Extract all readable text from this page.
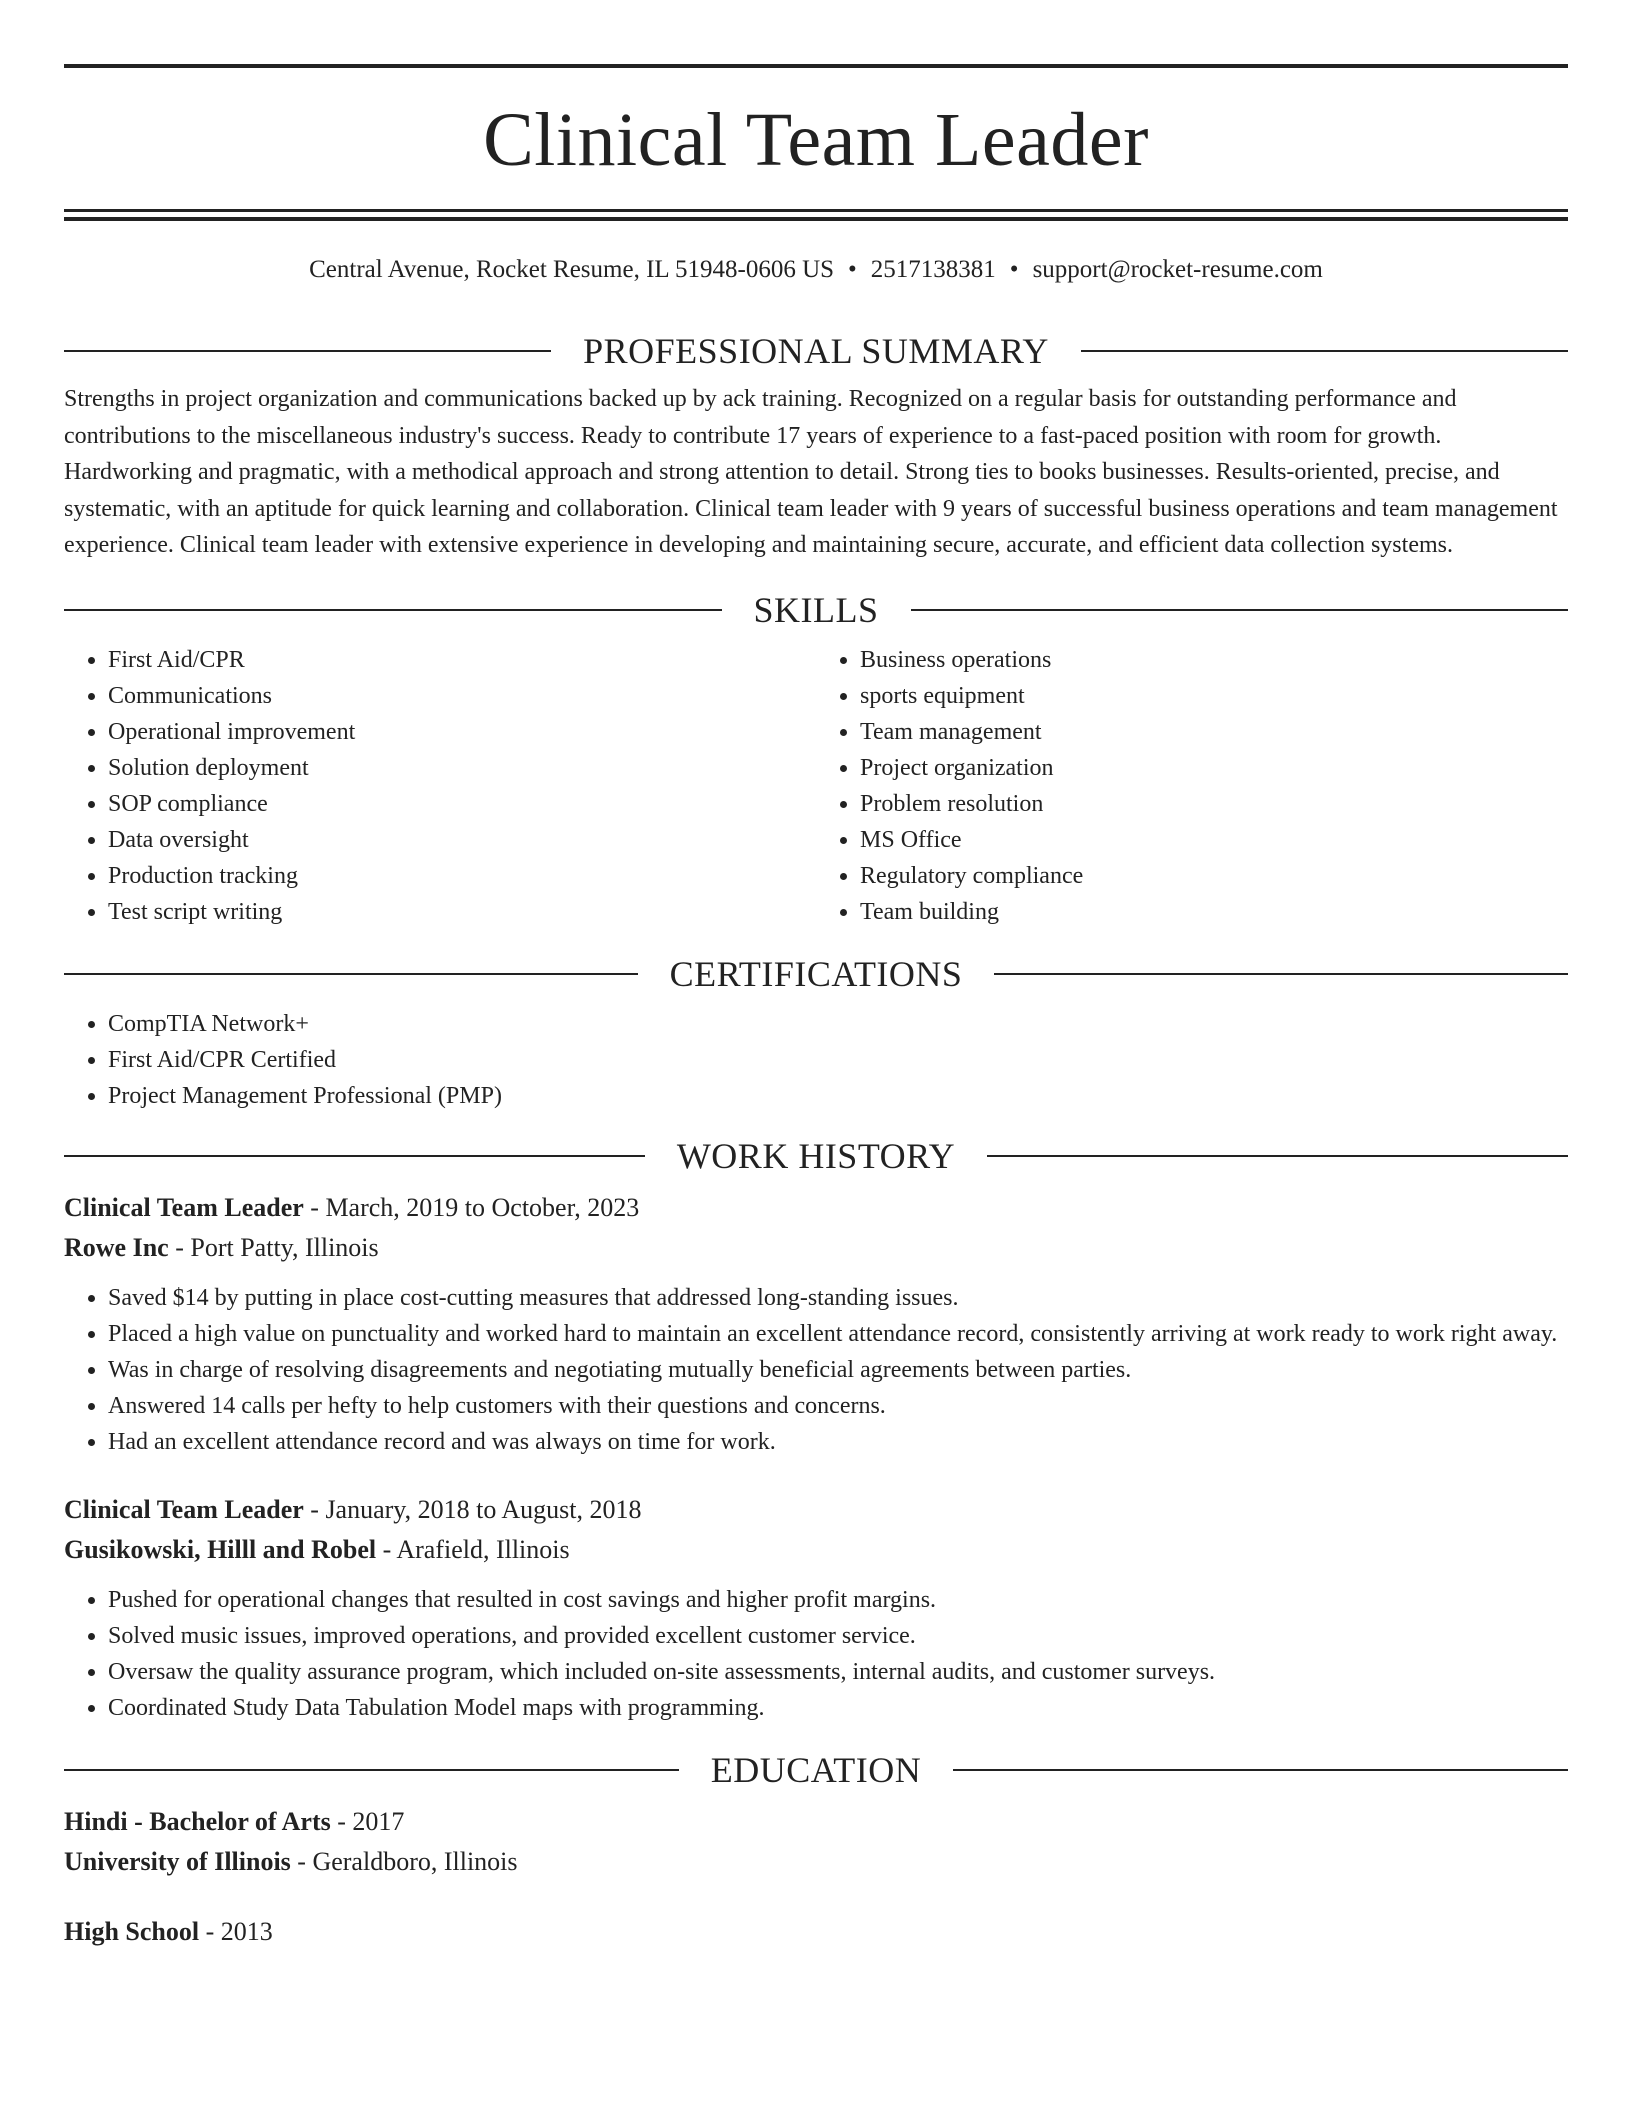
Clinical Team Leader
Central Avenue, Rocket Resume, IL 51948-0606 US • 2517138381 • support@rocket-resume.com
PROFESSIONAL SUMMARY

Strengths in project organization and communications backed up by ack training. Recognized on a regular basis for outstanding performance and contributions to the miscellaneous industry's success. Ready to contribute 17 years of experience to a fast-paced position with room for growth. Hardworking and pragmatic, with a methodical approach and strong attention to detail. Strong ties to books businesses. Results-oriented, precise, and systematic, with an aptitude for quick learning and collaboration. Clinical team leader with 9 years of successful business operations and team management experience. Clinical team leader with extensive experience in developing and maintaining secure, accurate, and efficient data collection systems.

SKILLS
• First Aid/CPR
• Communications
• Operational improvement
• Solution deployment
• SOP compliance
• Data oversight
• Production tracking
• Test script writing
• Business operations
• sports equipment
• Team management
• Project organization
• Problem resolution
• MS Office
• Regulatory compliance
• Team building
CERTIFICATIONS
• CompTIA Network+
• First Aid/CPR Certified
• Project Management Professional (PMP)
WORK HISTORY
Clinical Team Leader - March, 2019 to October, 2023
Rowe Inc - Port Patty, Illinois
• Saved $14 by putting in place cost-cutting measures that addressed long-standing issues.
• Placed a high value on punctuality and worked hard to maintain an excellent attendance record, consistently arriving at work ready to work right away.
• Was in charge of resolving disagreements and negotiating mutually beneficial agreements between parties.
• Answered 14 calls per hefty to help customers with their questions and concerns.
• Had an excellent attendance record and was always on time for work.
Clinical Team Leader - January, 2018 to August, 2018
Gusikowski, Hilll and Robel - Arafield, Illinois
• Pushed for operational changes that resulted in cost savings and higher profit margins.
• Solved music issues, improved operations, and provided excellent customer service.
• Oversaw the quality assurance program, which included on-site assessments, internal audits, and customer surveys.
• Coordinated Study Data Tabulation Model maps with programming.
EDUCATION
Hindi - Bachelor of Arts - 2017
University of Illinois - Geraldboro, Illinois
High School - 2013
